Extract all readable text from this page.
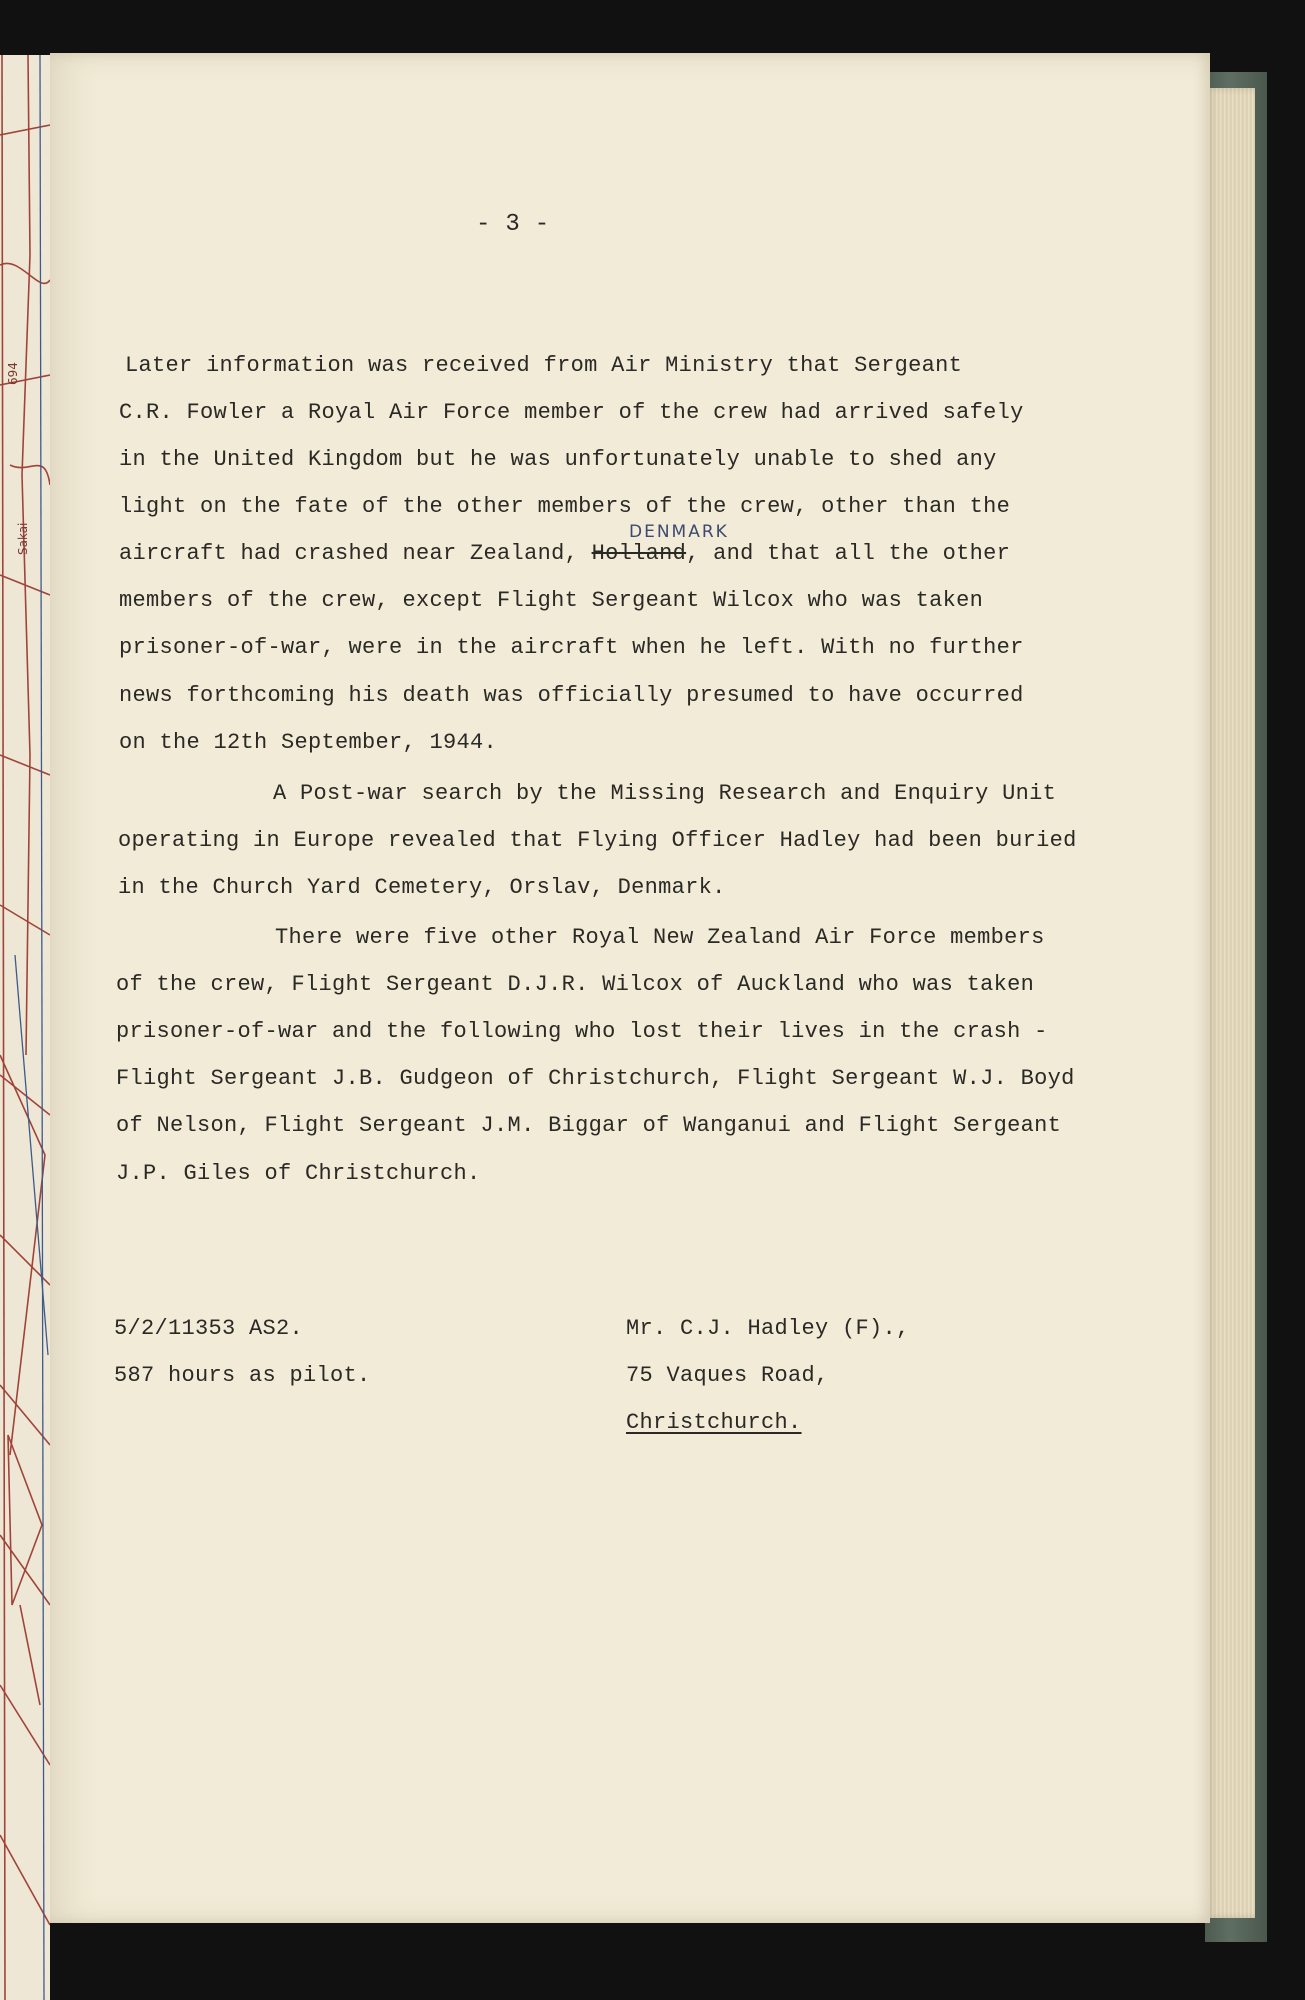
694
Sakai
- 3 -
Later information was received from Air Ministry that Sergeant
C.R. Fowler a Royal Air Force member of the crew had arrived safely
in the United Kingdom but he was unfortunately unable to shed any
light on the fate of the other members of the crew, other than the
DENMARK
aircraft had crashed near Zealand, Holland, and that all the other
members of the crew, except Flight Sergeant Wilcox who was taken
prisoner-of-war, were in the aircraft when he left. With no further
news forthcoming his death was officially presumed to have occurred
on the 12th September, 1944.
A Post-war search by the Missing Research and Enquiry Unit
operating in Europe revealed that Flying Officer Hadley had been buried
in the Church Yard Cemetery, Orslav, Denmark.
There were five other Royal New Zealand Air Force members
of the crew, Flight Sergeant D.J.R. Wilcox of Auckland who was taken
prisoner-of-war and the following who lost their lives in the crash -
Flight Sergeant J.B. Gudgeon of Christchurch, Flight Sergeant W.J. Boyd
of Nelson, Flight Sergeant J.M. Biggar of Wanganui and Flight Sergeant
J.P. Giles of Christchurch.
5/2/11353 AS2.
587 hours as pilot.
Mr. C.J. Hadley (F).,
75 Vaques Road,
Christchurch.
